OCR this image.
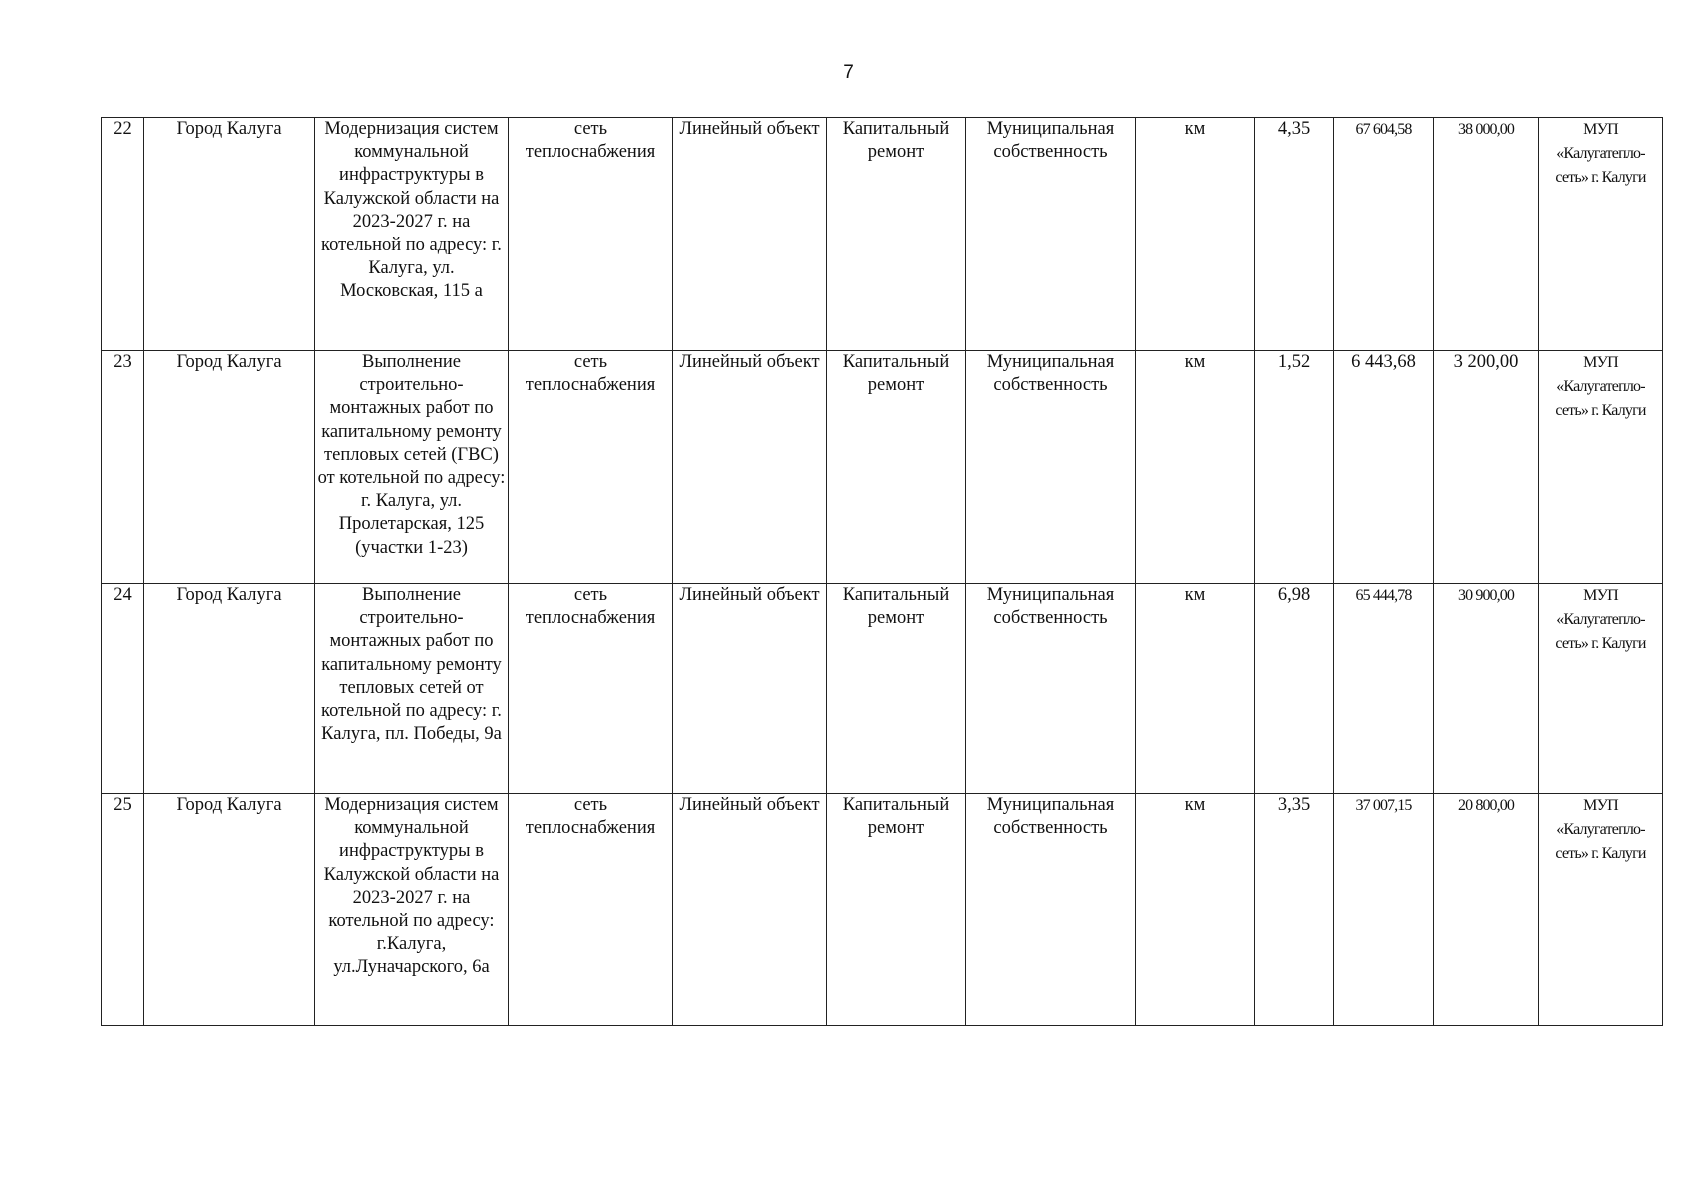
7
22	Город Калуга	Модернизация систем коммунальной инфраструктуры в Калужской области на 2023-2027 г. на котельной по адресу: г. Калуга, ул. Московская, 115 а	сеть теплоснабжения	Линейный объект	Капитальный ремонт	Муниципальная собственность	км	4,35	67 604,58	38 000,00	МУП «Калугатепло-сеть» г. Калуги
23	Город Калуга	Выполнение строительно-монтажных работ по капитальному ремонту тепловых сетей (ГВС) от котельной по адресу: г. Калуга, ул. Пролетарская, 125 (участки 1-23)	сеть теплоснабжения	Линейный объект	Капитальный ремонт	Муниципальная собственность	км	1,52	6 443,68	3 200,00	МУП «Калугатепло-сеть» г. Калуги
24	Город Калуга	Выполнение строительно-монтажных работ по капитальному ремонту тепловых сетей от котельной по адресу: г. Калуга, пл. Победы, 9а	сеть теплоснабжения	Линейный объект	Капитальный ремонт	Муниципальная собственность	км	6,98	65 444,78	30 900,00	МУП «Калугатепло-сеть» г. Калуги
25	Город Калуга	Модернизация систем коммунальной инфраструктуры в Калужской области на 2023-2027 г. на котельной по адресу: г.Калуга, ул.Луначарского, 6а	сеть теплоснабжения	Линейный объект	Капитальный ремонт	Муниципальная собственность	км	3,35	37 007,15	20 800,00	МУП «Калугатепло-сеть» г. Калуги
